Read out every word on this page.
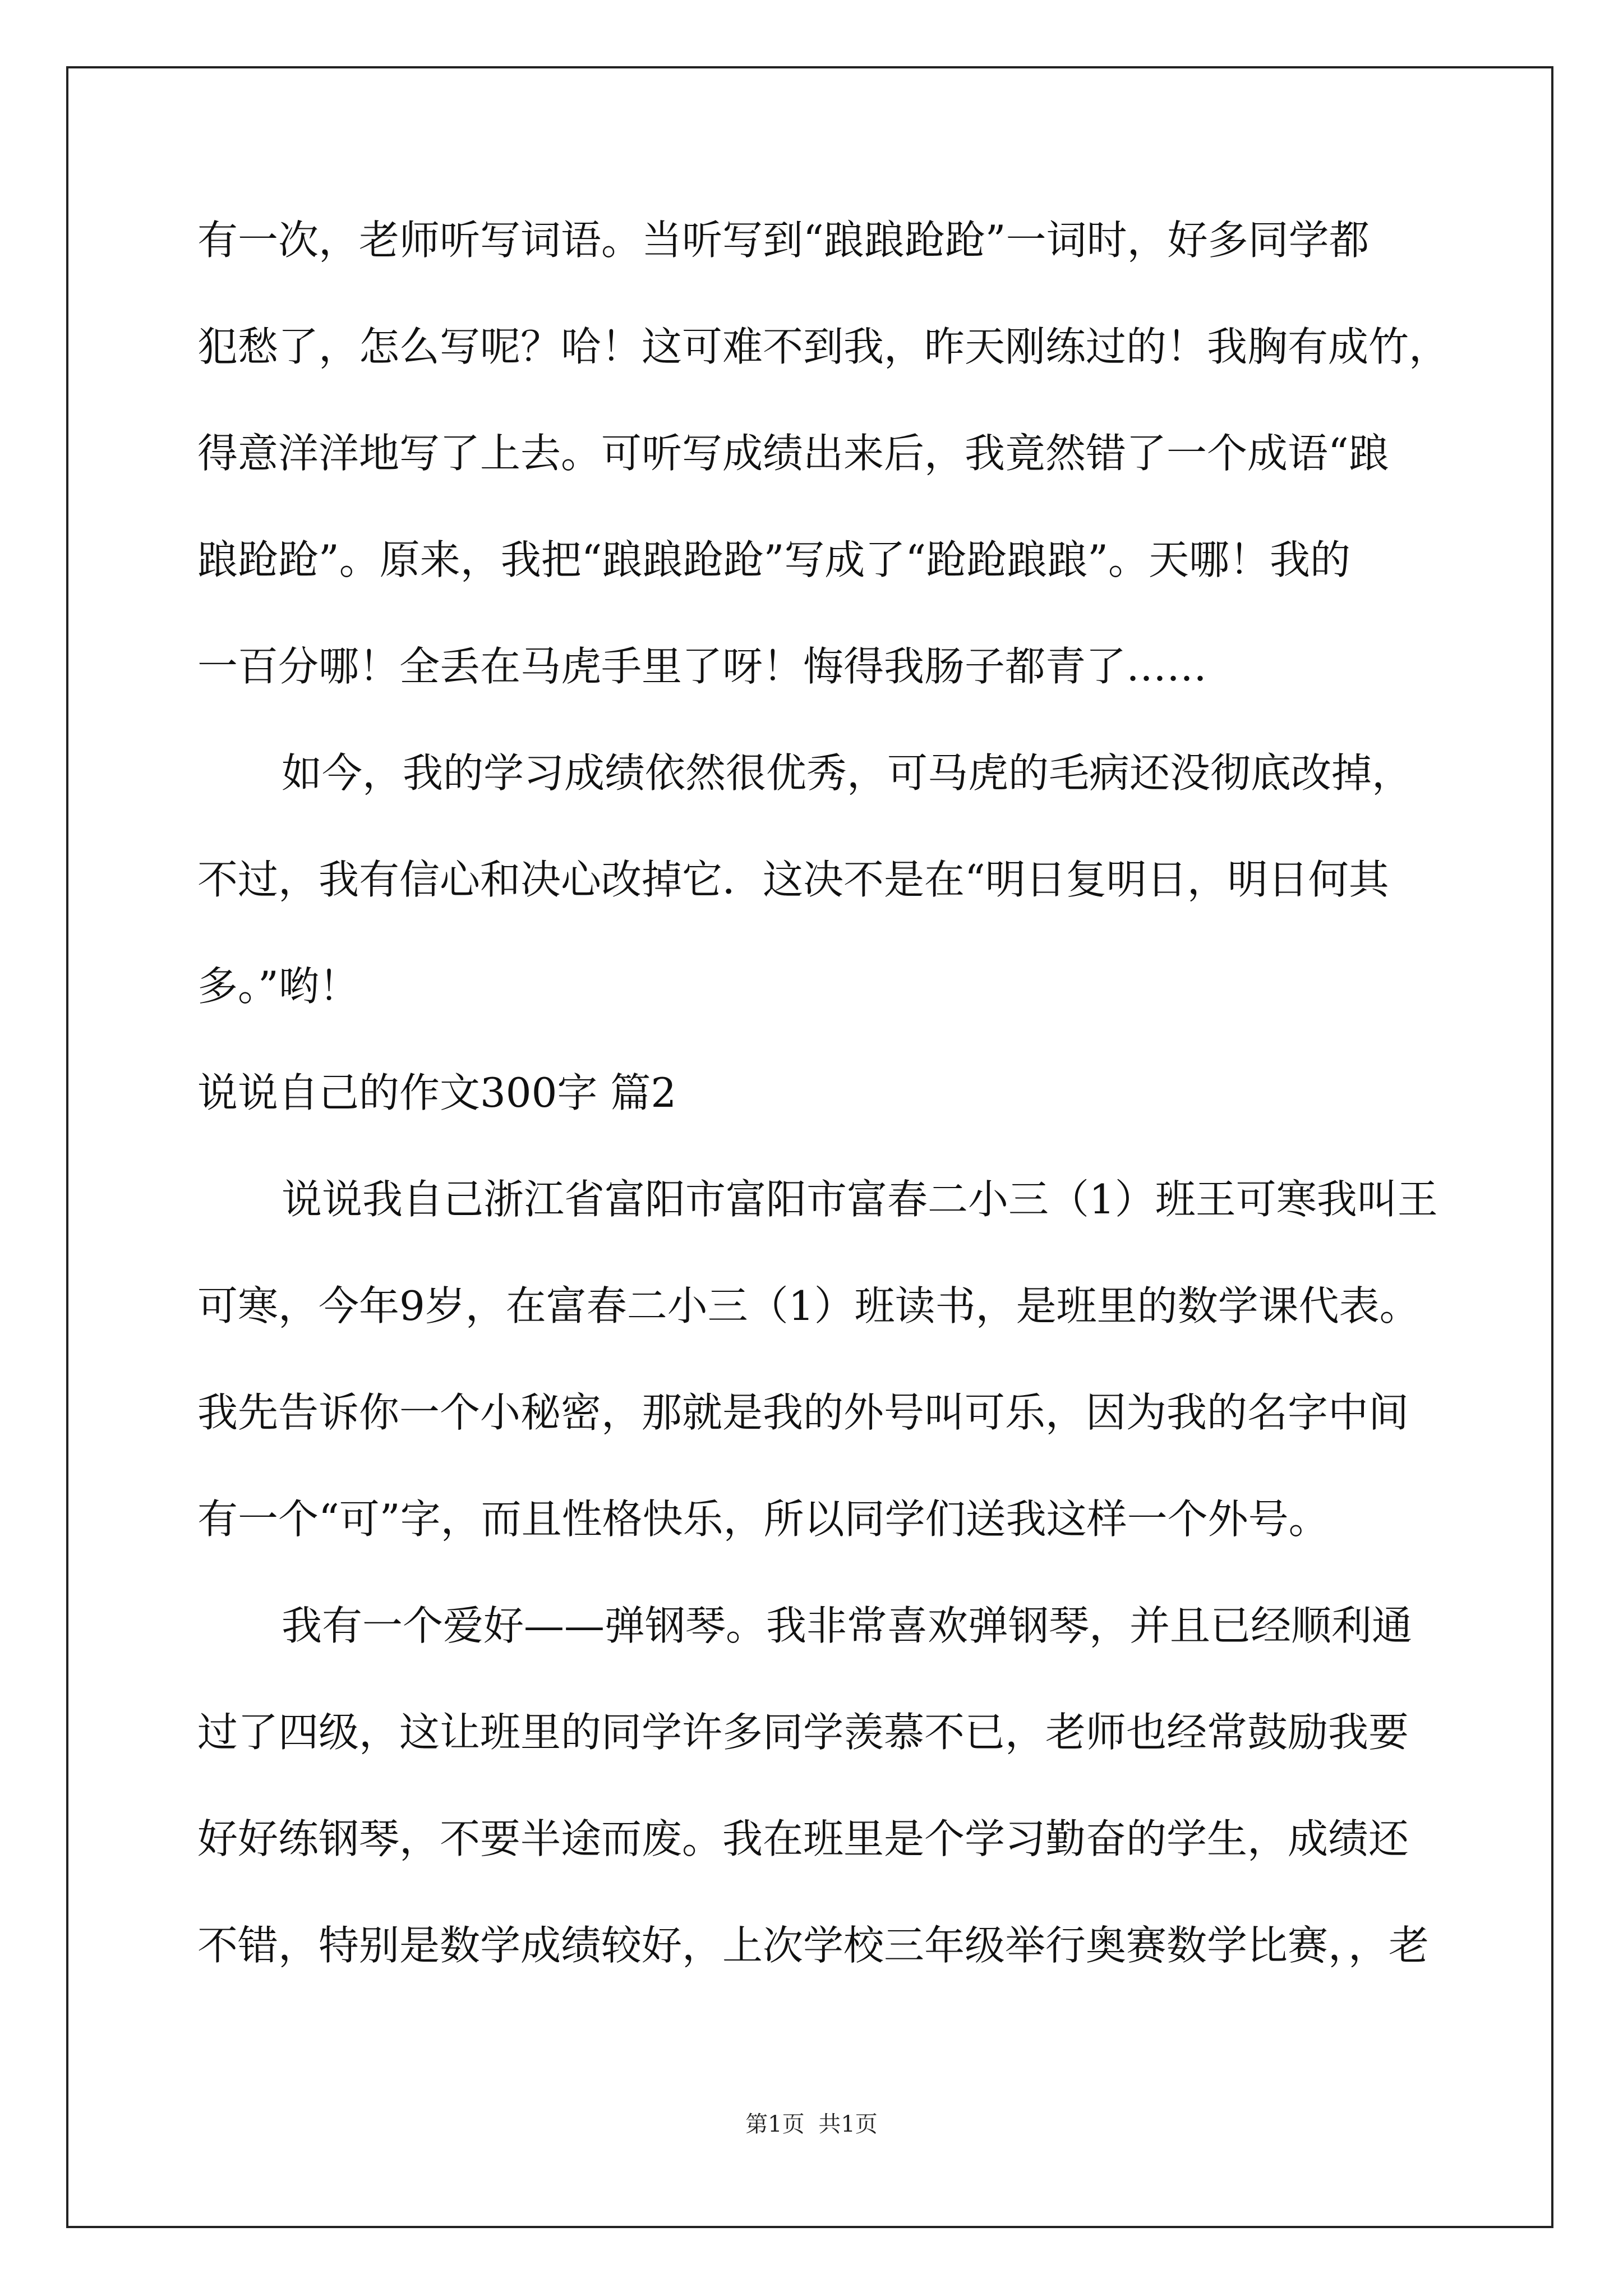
有一次，老师听写词语。当听写到“踉踉跄跄”一词时，好多同学都
犯愁了，怎么写呢？哈！这可难不到我，昨天刚练过的！我胸有成竹，
得意洋洋地写了上去。可听写成绩出来后，我竟然错了一个成语“踉
踉跄跄”。原来，我把“踉踉跄跄”写成了“跄跄踉踉”。天哪！我的
一百分哪！全丢在马虎手里了呀！悔得我肠子都青了……
如今，我的学习成绩依然很优秀，可马虎的毛病还没彻底改掉，
不过，我有信心和决心改掉它．这决不是在“明日复明日，明日何其
多。”哟！
说说自己的作文300字 篇2
说说我自己浙江省富阳市富阳市富春二小三（1）班王可寒我叫王
可寒，今年9岁，在富春二小三（1）班读书，是班里的数学课代表。
我先告诉你一个小秘密，那就是我的外号叫可乐，因为我的名字中间
有一个“可”字，而且性格快乐，所以同学们送我这样一个外号。
我有一个爱好——弹钢琴。我非常喜欢弹钢琴，并且已经顺利通
过了四级，这让班里的同学许多同学羡慕不已，老师也经常鼓励我要
好好练钢琴，不要半途而废。我在班里是个学习勤奋的学生，成绩还
不错，特别是数学成绩较好，上次学校三年级举行奥赛数学比赛，，老
第1页 共1页
